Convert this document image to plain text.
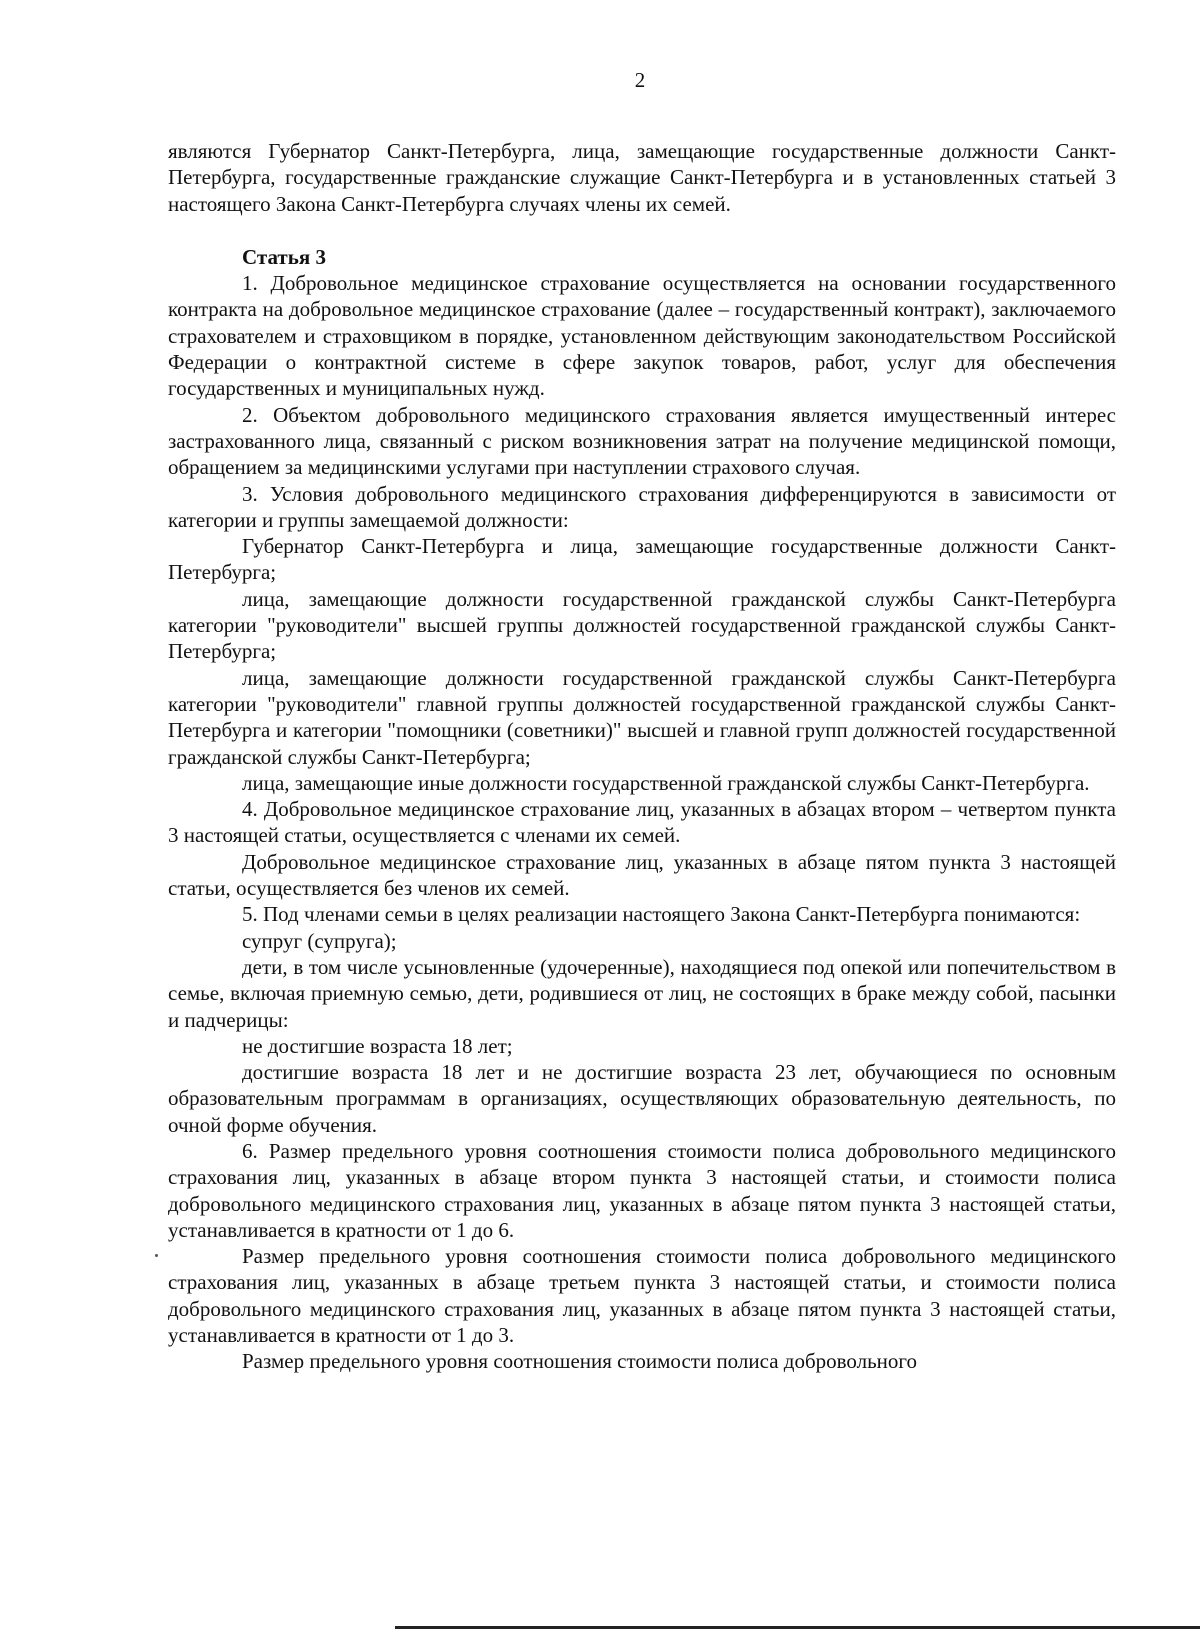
2

являются Губернатор Санкт-Петербурга, лица, замещающие государственные должности Санкт-Петербурга, государственные гражданские служащие Санкт-Петербурга и в установленных статьей 3 настоящего Закона Санкт-Петербурга случаях члены их семей.

Статья 3

1. Добровольное медицинское страхование осуществляется на основании государственного контракта на добровольное медицинское страхование (далее – государственный контракт), заключаемого страхователем и страховщиком в порядке, установленном действующим законодательством Российской Федерации о контрактной системе в сфере закупок товаров, работ, услуг для обеспечения государственных и муниципальных нужд.

2. Объектом добровольного медицинского страхования является имущественный интерес застрахованного лица, связанный с риском возникновения затрат на получение медицинской помощи, обращением за медицинскими услугами при наступлении страхового случая.

3. Условия добровольного медицинского страхования дифференцируются в зависимости от категории и группы замещаемой должности:

Губернатор Санкт-Петербурга и лица, замещающие государственные должности Санкт-Петербурга;

лица, замещающие должности государственной гражданской службы Санкт-Петербурга категории "руководители" высшей группы должностей государственной гражданской службы Санкт-Петербурга;

лица, замещающие должности государственной гражданской службы Санкт-Петербурга категории "руководители" главной группы должностей государственной гражданской службы Санкт-Петербурга и категории "помощники (советники)" высшей и главной групп должностей государственной гражданской службы Санкт-Петербурга;

лица, замещающие иные должности государственной гражданской службы Санкт-Петербурга.

4. Добровольное медицинское страхование лиц, указанных в абзацах втором – четвертом пункта 3 настоящей статьи, осуществляется с членами их семей.

Добровольное медицинское страхование лиц, указанных в абзаце пятом пункта 3 настоящей статьи, осуществляется без членов их семей.

5. Под членами семьи в целях реализации настоящего Закона Санкт-Петербурга понимаются:

супруг (супруга);

дети, в том числе усыновленные (удочеренные), находящиеся под опекой или попечительством в семье, включая приемную семью, дети, родившиеся от лиц, не состоящих в браке между собой, пасынки и падчерицы:

не достигшие возраста 18 лет;

достигшие возраста 18 лет и не достигшие возраста 23 лет, обучающиеся по основным образовательным программам в организациях, осуществляющих образовательную деятельность, по очной форме обучения.

6. Размер предельного уровня соотношения стоимости полиса добровольного медицинского страхования лиц, указанных в абзаце втором пункта 3 настоящей статьи, и стоимости полиса добровольного медицинского страхования лиц, указанных в абзаце пятом пункта 3 настоящей статьи, устанавливается в кратности от 1 до 6.

Размер предельного уровня соотношения стоимости полиса добровольного медицинского страхования лиц, указанных в абзаце третьем пункта 3 настоящей статьи, и стоимости полиса добровольного медицинского страхования лиц, указанных в абзаце пятом пункта 3 настоящей статьи, устанавливается в кратности от 1 до 3.

Размер предельного уровня соотношения стоимости полиса добровольного
